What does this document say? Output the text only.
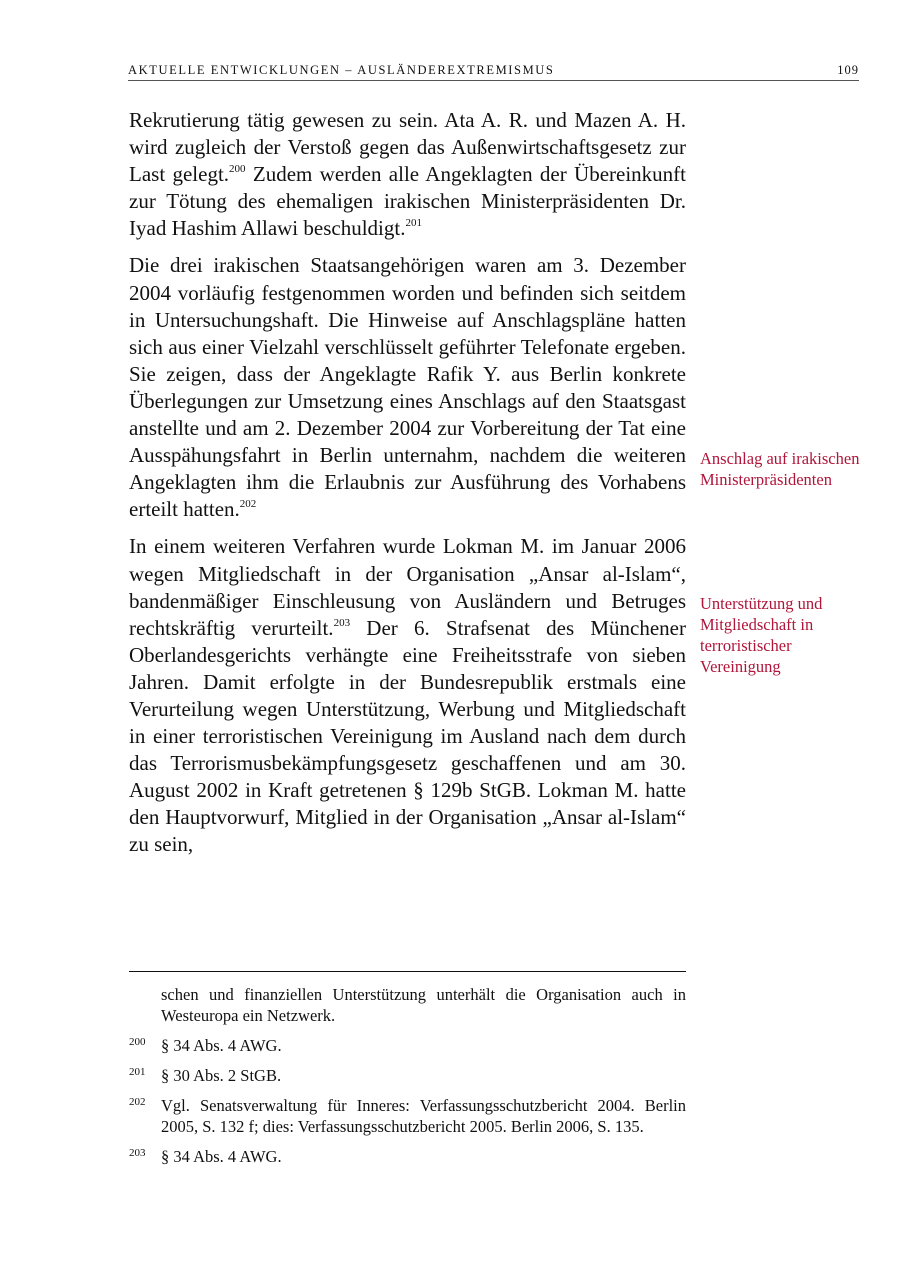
AKTUELLE ENTWICKLUNGEN – AUSLÄNDEREXTREMISMUS	109

Rekrutierung tätig gewesen zu sein. Ata A. R. und Mazen A. H. wird zugleich der Verstoß gegen das Außenwirtschaftsgesetz zur Last gelegt.$^{200}$ Zudem werden alle Angeklagten der Übereinkunft zur Tötung des ehemaligen irakischen Ministerpräsidenten Dr. Iyad Hashim Allawi beschuldigt.$^{201}$

Die drei irakischen Staatsangehörigen waren am 3. Dezember 2004 vorläufig festgenommen worden und befinden sich seitdem in Untersuchungshaft. Die Hinweise auf Anschlagspläne hatten sich aus einer Vielzahl verschlüsselt geführter Telefonate ergeben. Sie zeigen, dass der Angeklagte Rafik Y. aus Berlin konkrete Überlegungen zur Umsetzung eines Anschlags auf den Staatsgast anstellte und am 2. Dezember 2004 zur Vorbereitung der Tat eine Ausspähungsfahrt in Berlin unternahm, nachdem die weiteren Angeklagten ihm die Erlaubnis zur Ausführung des Vorhabens erteilt hatten.$^{202}$

In einem weiteren Verfahren wurde Lokman M. im Januar 2006 wegen Mitgliedschaft in der Organisation „Ansar al-Islam“, bandenmäßiger Einschleusung von Ausländern und Betruges rechtskräftig verurteilt.$^{203}$ Der 6. Strafsenat des Münchener Oberlandesgerichts verhängte eine Freiheitsstrafe von sieben Jahren. Damit erfolgte in der Bundesrepublik erstmals eine Verurteilung wegen Unterstützung, Werbung und Mitgliedschaft in einer terroristischen Vereinigung im Ausland nach dem durch das Terrorismusbekämpfungsgesetz geschaffenen und am 30. August 2002 in Kraft getretenen § 129b StGB. Lokman M. hatte den Hauptvorwurf, Mitglied in der Organisation „Ansar al-Islam“ zu sein,

Anschlag auf irakischen Ministerpräsidenten
Unterstützung und Mitgliedschaft in terroristischer Vereinigung
schen und finanziellen Unterstützung unterhält die Organisation auch in Westeuropa ein Netzwerk.
200 § 34 Abs. 4 AWG.
201 § 30 Abs. 2 StGB.
202 Vgl. Senatsverwaltung für Inneres: Verfassungsschutzbericht 2004. Berlin 2005, S. 132 f; dies: Verfassungsschutzbericht 2005. Berlin 2006, S. 135.
203 § 34 Abs. 4 AWG.
